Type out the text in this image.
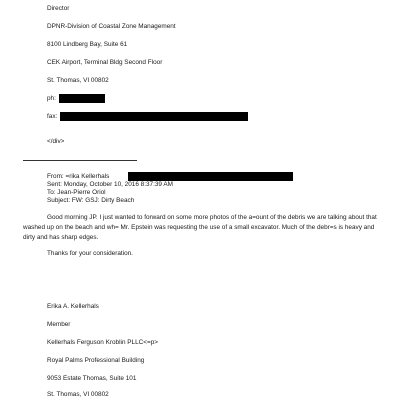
Director
DPNR-Division of Coastal Zone Management
8100 Lindberg Bay, Suite 61
CEK Airport, Terminal Bldg Second Floor
St. Thomas, VI 00802
ph:
fax:
</div>
From: =rika Kellerhals
Sent: Monday, October 10, 2016 8:37:39 AM
To: Jean-Pierre Oriol
Subject: FW: GSJ: Dirty Beach
Good morning JP. I just wanted to forward on some more photos of the a=ount of the debris we are talking about that washed up on the beach and wh= Mr. Epstein was requesting the use of a small excavator. Much of the debr=s is heavy and dirty and has sharp edges.
Thanks for your consideration.
Erika A. Kellerhals
Member
Kellerhals Ferguson Kroblin PLLC<=p>
Royal Palms Professional Building
9053 Estate Thomas, Suite 101
St. Thomas, VI 00802
